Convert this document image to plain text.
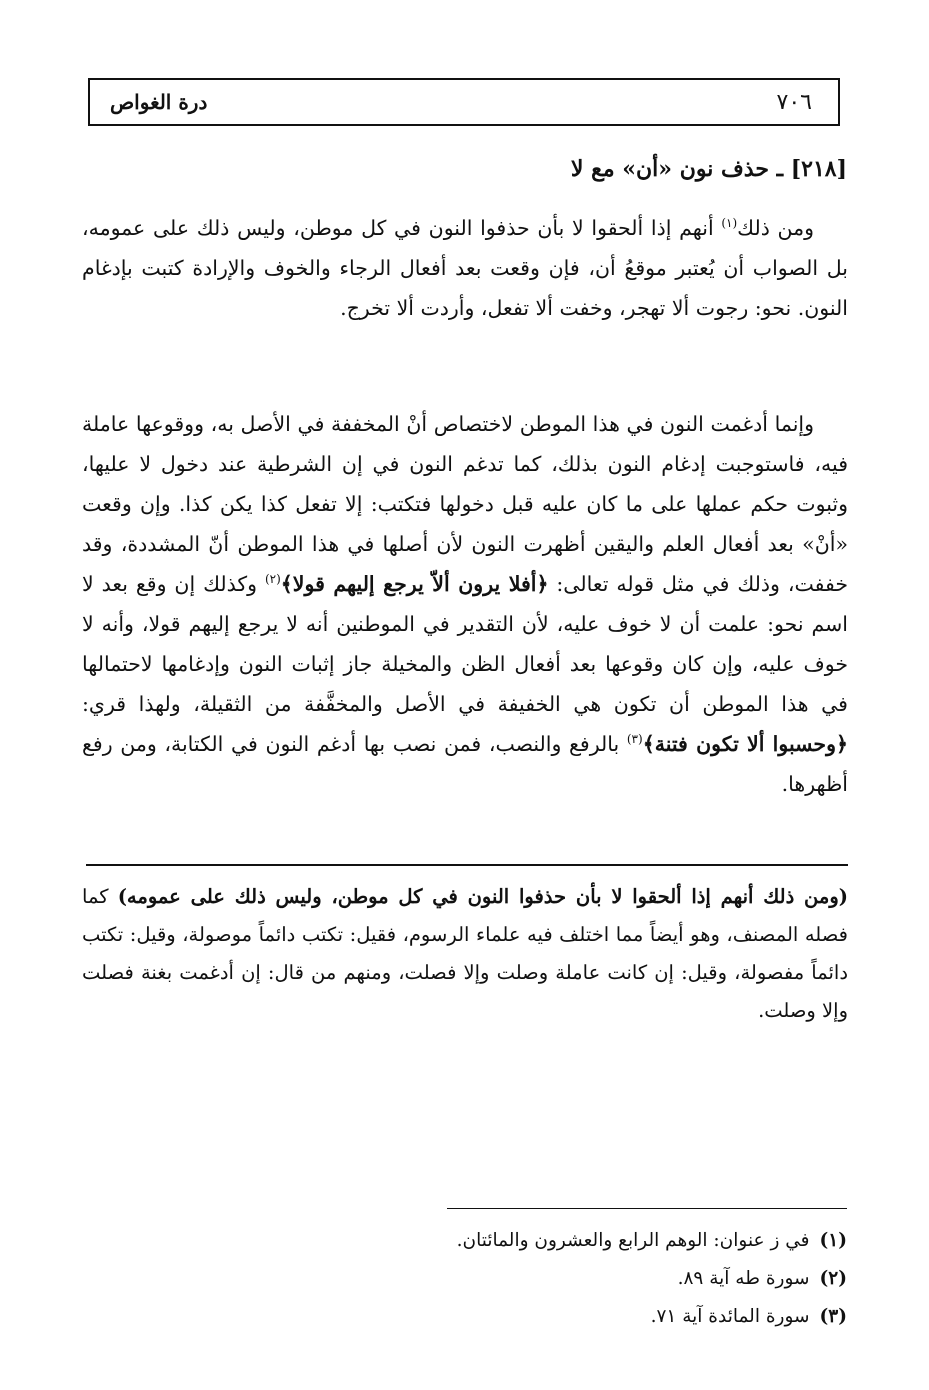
٧٠٦
درة الغواص
[٢١٨] ـ حذف نون «أن» مع لا

ومن ذلك$^{(١)}$ أنهم إذا ألحقوا لا بأن حذفوا النون في كل موطن، وليس ذلك على عمومه، بل الصواب أن يُعتبر موقعُ أن، فإن وقعت بعد أفعال الرجاء والخوف والإرادة كتبت بإدغام النون. نحو: رجوت ألا تهجر، وخفت ألا تفعل، وأردت ألا تخرج.

وإنما أدغمت النون في هذا الموطن لاختصاص أنْ المخففة في الأصل به، ووقوعها عاملة فيه، فاستوجبت إدغام النون بذلك، كما تدغم النون في إن الشرطية عند دخول لا عليها، وثبوت حكم عملها على ما كان عليه قبل دخولها فتكتب: إلا تفعل كذا يكن كذا. وإن وقعت «أنْ» بعد أفعال العلم واليقين أظهرت النون لأن أصلها في هذا الموطن أنّ المشددة، وقد خففت، وذلك في مثل قوله تعالى: ﴿أفلا يرون ألاّ يرجع إليهم قولا﴾$^{(٢)}$ وكذلك إن وقع بعد لا اسم نحو: علمت أن لا خوف عليه، لأن التقدير في الموطنين أنه لا يرجع إليهم قولا، وأنه لا خوف عليه، وإن كان وقوعها بعد أفعال الظن والمخيلة جاز إثبات النون وإدغامها لاحتمالها في هذا الموطن أن تكون هي الخفيفة في الأصل والمخفَّفة من الثقيلة، ولهذا قري: ﴿وحسبوا ألا تكون فتنة﴾$^{(٣)}$ بالرفع والنصب، فمن نصب بها أدغم النون في الكتابة، ومن رفع أظهرها.

(ومن ذلك أنهم إذا ألحقوا لا بأن حذفوا النون في كل موطن، وليس ذلك على عمومه) كما فصله المصنف، وهو أيضاً مما اختلف فيه علماء الرسوم، فقيل: تكتب دائماً موصولة، وقيل: تكتب دائماً مفصولة، وقيل: إن كانت عاملة وصلت وإلا فصلت، ومنهم من قال: إن أدغمت بغنة فصلت وإلا وصلت.
(١)في ز عنوان: الوهم الرابع والعشرون والمائتان.
(٢)سورة طه آية ٨٩.
(٣)سورة المائدة آية ٧١.
